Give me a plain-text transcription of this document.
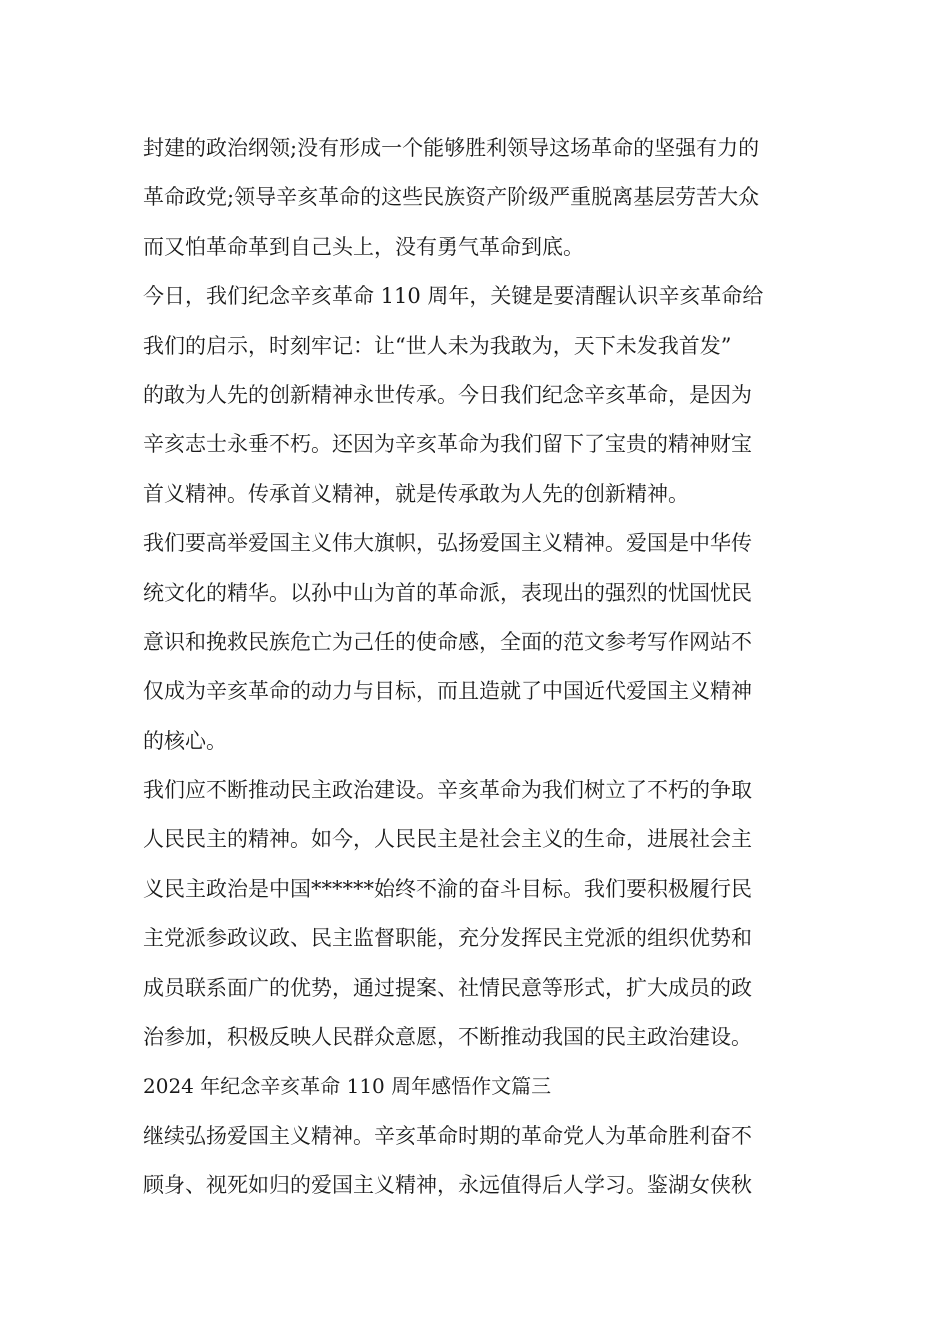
封建的政治纲领;没有形成一个能够胜利领导这场革命的坚强有力的
革命政党;领导辛亥革命的这些民族资产阶级严重脱离基层劳苦大众
而又怕革命革到自己头上，没有勇气革命到底。
今日，我们纪念辛亥革命 110 周年，关键是要清醒认识辛亥革命给
我们的启示，时刻牢记：让“世人未为我敢为，天下未发我首发”
的敢为人先的创新精神永世传承。今日我们纪念辛亥革命，是因为
辛亥志士永垂不朽。还因为辛亥革命为我们留下了宝贵的精神财宝
首义精神。传承首义精神，就是传承敢为人先的创新精神。
我们要高举爱国主义伟大旗帜，弘扬爱国主义精神。爱国是中华传
统文化的精华。以孙中山为首的革命派，表现出的强烈的忧国忧民
意识和挽救民族危亡为己任的使命感，全面的范文参考写作网站不
仅成为辛亥革命的动力与目标，而且造就了中国近代爱国主义精神
的核心。
我们应不断推动民主政治建设。辛亥革命为我们树立了不朽的争取
人民民主的精神。如今，人民民主是社会主义的生命，进展社会主
义民主政治是中国******始终不渝的奋斗目标。我们要积极履行民
主党派参政议政、民主监督职能，充分发挥民主党派的组织优势和
成员联系面广的优势，通过提案、社情民意等形式，扩大成员的政
治参加，积极反映人民群众意愿，不断推动我国的民主政治建设。
2024 年纪念辛亥革命 110 周年感悟作文篇三
继续弘扬爱国主义精神。辛亥革命时期的革命党人为革命胜利奋不
顾身、视死如归的爱国主义精神，永远值得后人学习。鉴湖女侠秋
